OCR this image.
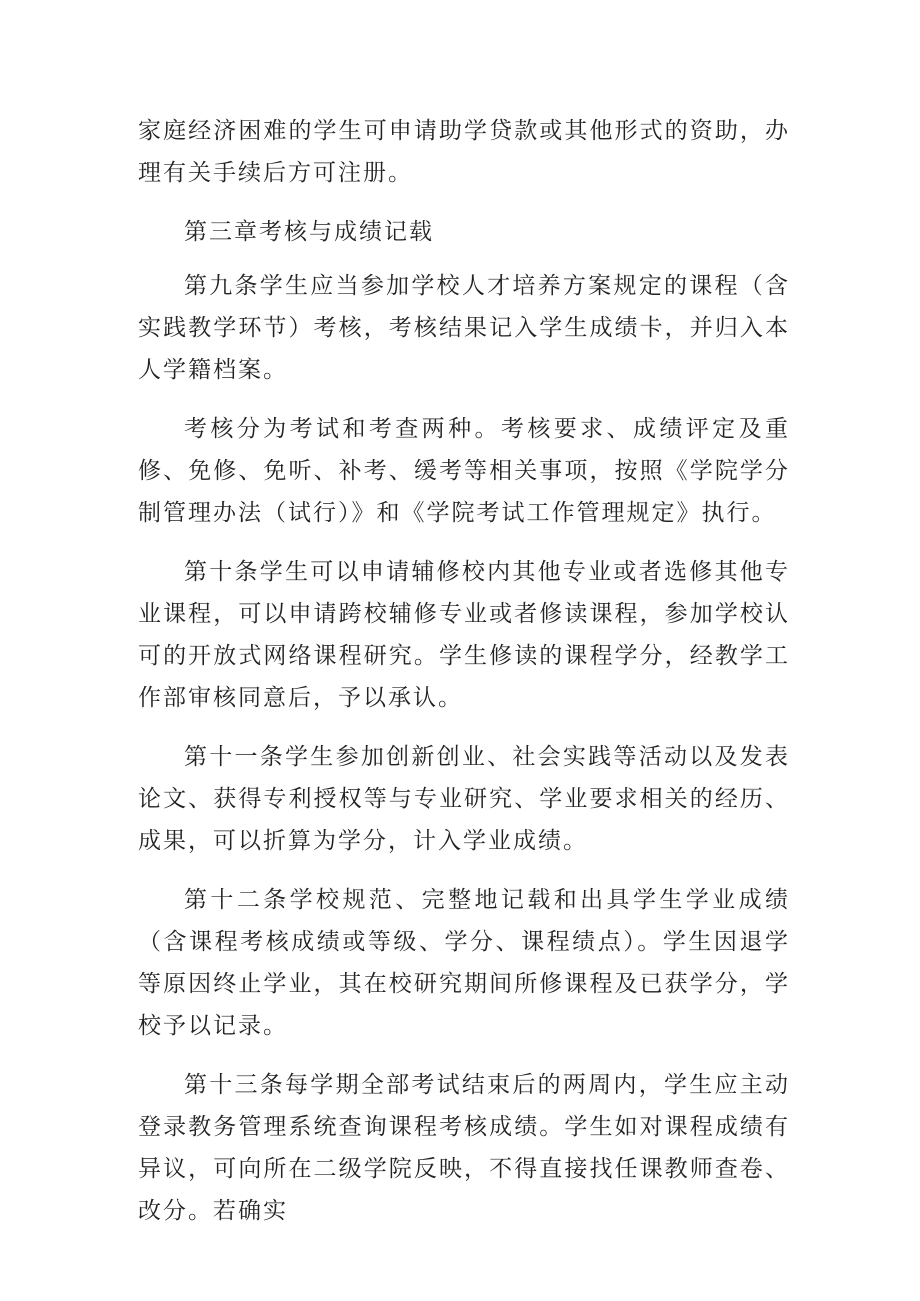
家庭经济困难的学生可申请助学贷款或其他形式的资助，办理有关手续后方可注册。

第三章考核与成绩记载

第九条学生应当参加学校人才培养方案规定的课程（含实践教学环节）考核，考核结果记入学生成绩卡，并归入本人学籍档案。

考核分为考试和考查两种。考核要求、成绩评定及重修、免修、免听、补考、缓考等相关事项，按照《学院学分制管理办法（试行）》和《学院考试工作管理规定》执行。

第十条学生可以申请辅修校内其他专业或者选修其他专业课程，可以申请跨校辅修专业或者修读课程，参加学校认可的开放式网络课程研究。学生修读的课程学分，经教学工作部审核同意后，予以承认。

第十一条学生参加创新创业、社会实践等活动以及发表论文、获得专利授权等与专业研究、学业要求相关的经历、成果，可以折算为学分，计入学业成绩。

第十二条学校规范、完整地记载和出具学生学业成绩（含课程考核成绩或等级、学分、课程绩点）。学生因退学等原因终止学业，其在校研究期间所修课程及已获学分，学校予以记录。

第十三条每学期全部考试结束后的两周内，学生应主动登录教务管理系统查询课程考核成绩。学生如对课程成绩有异议，可向所在二级学院反映，不得直接找任课教师查卷、改分。若确实
